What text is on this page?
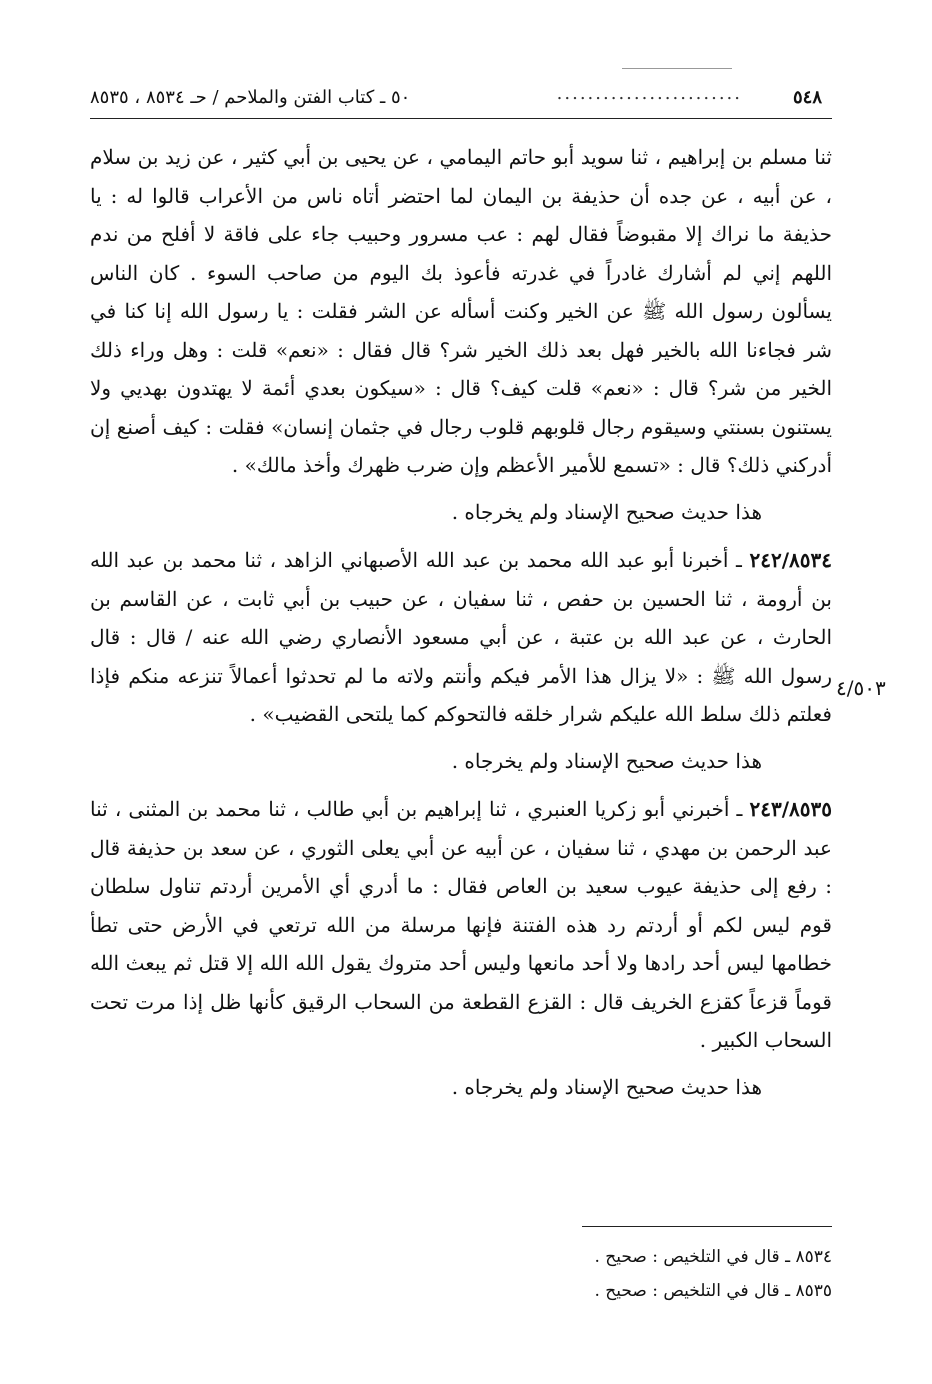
٥٤٨
........................
٥٠ ـ كتاب الفتن والملاحم / حـ ٨٥٣٤ ، ٨٥٣٥

ثنا مسلم بن إبراهيم ، ثنا سويد أبو حاتم اليمامي ، عن يحيى بن أبي كثير ، عن زيد بن سلام ، عن أبيه ، عن جده أن حذيفة بن اليمان لما احتضر أتاه ناس من الأعراب قالوا له : يا حذيفة ما نراك إلا مقبوضاً فقال لهم : عب مسرور وحبيب جاء على فاقة لا أفلح من ندم اللهم إني لم أشارك غادراً في غدرته فأعوذ بك اليوم من صاحب السوء . كان الناس يسألون رسول الله ﷺ عن الخير وكنت أسأله عن الشر فقلت : يا رسول الله إنا كنا في شر فجاءنا الله بالخير فهل بعد ذلك الخير شر؟ قال فقال : «نعم» قلت : وهل وراء ذلك الخير من شر؟ قال : «نعم» قلت كيف؟ قال : «سيكون بعدي أئمة لا يهتدون بهديي ولا يستنون بسنتي وسيقوم رجال قلوبهم قلوب رجال في جثمان إنسان» فقلت : كيف أصنع إن أدركني ذلك؟ قال : «تسمع للأمير الأعظم وإن ضرب ظهرك وأخذ مالك» .

هذا حديث صحيح الإسناد ولم يخرجاه .

٢٤٢/٨٥٣٤ ـ أخبرنا أبو عبد الله محمد بن عبد الله الأصبهاني الزاهد ، ثنا محمد بن عبد الله بن أرومة ، ثنا الحسين بن حفص ، ثنا سفيان ، عن حبيب بن أبي ثابت ، عن القاسم بن الحارث ، عن عبد الله بن عتبة ، عن أبي مسعود الأنصاري رضي الله عنه / قال : قال رسول الله ﷺ : «لا يزال هذا الأمر فيكم وأنتم ولاته ما لم تحدثوا أعمالاً تنزعه منكم فإذا فعلتم ذلك سلط الله عليكم شرار خلقه فالتحوكم كما يلتحى القضيب» .

هذا حديث صحيح الإسناد ولم يخرجاه .

٢٤٣/٨٥٣٥ ـ أخبرني أبو زكريا العنبري ، ثنا إبراهيم بن أبي طالب ، ثنا محمد بن المثنى ، ثنا عبد الرحمن بن مهدي ، ثنا سفيان ، عن أبيه عن أبي يعلى الثوري ، عن سعد بن حذيفة قال : رفع إلى حذيفة عيوب سعيد بن العاص فقال : ما أدري أي الأمرين أردتم تناول سلطان قوم ليس لكم أو أردتم رد هذه الفتنة فإنها مرسلة من الله ترتعي في الأرض حتى تطأ خطامها ليس أحد رادها ولا أحد مانعها وليس أحد متروك يقول الله الله إلا قتل ثم يبعث الله قوماً قزعاً كقزع الخريف قال : القزع القطعة من السحاب الرقيق كأنها ظل إذا مرت تحت السحاب الكبير .

هذا حديث صحيح الإسناد ولم يخرجاه .

٤/٥٠٣

٨٥٣٤ ـ قال في التلخيص : صحيح .

٨٥٣٥ ـ قال في التلخيص : صحيح .
